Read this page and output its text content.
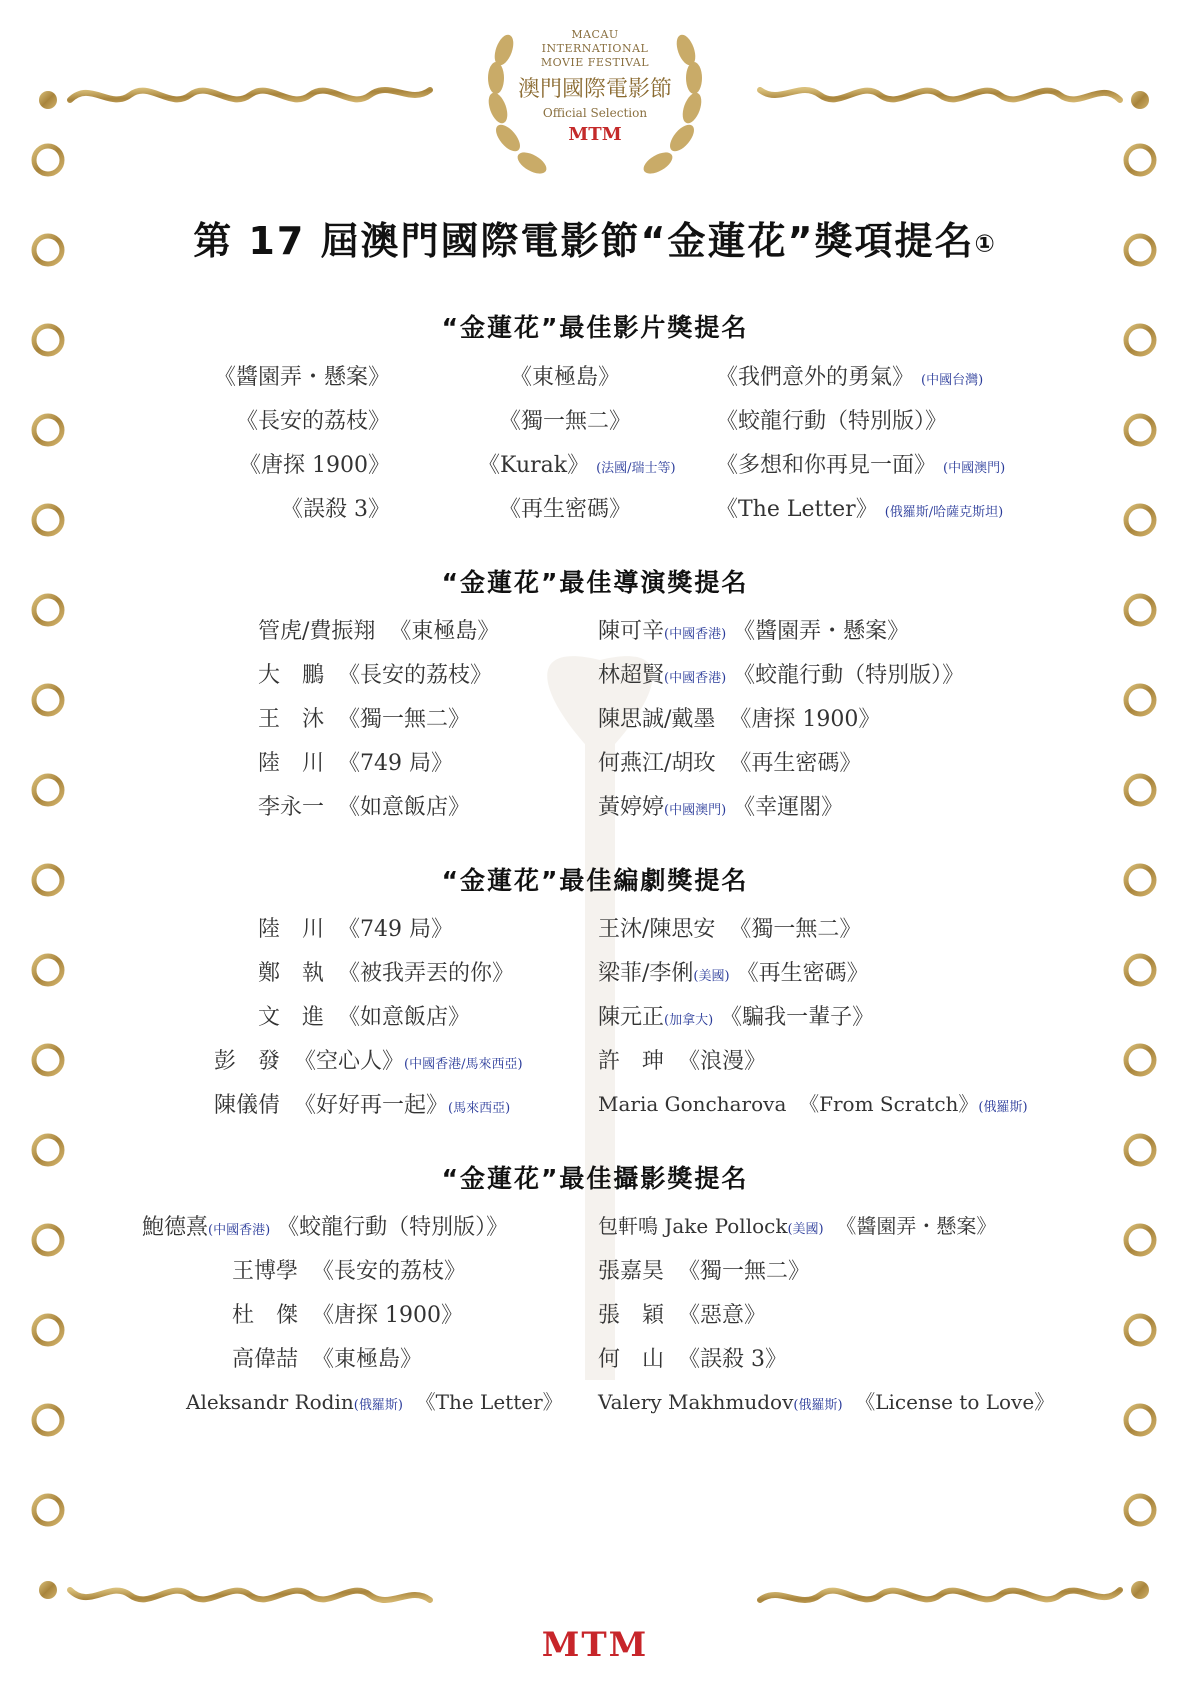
MACAU
INTERNATIONAL
MOVIE FESTIVAL
澳門國際電影節
Official Selection
MTM
第 17 屆澳門國際電影節“金蓮花”獎項提名①
“金蓮花”最佳影片獎提名
《醬園弄・懸案》
《長安的荔枝》
《唐探 1900》
《誤殺 3》
《東極島》
《獨一無二》
《Kurak》 (法國/瑞士等)
《再生密碼》
《我們意外的勇氣》 (中國台灣)
《蛟龍行動（特別版）》
《多想和你再見一面》 (中國澳門)
《The Letter》 (俄羅斯/哈薩克斯坦)
“金蓮花”最佳導演獎提名
管虎/費振翔 《東極島》
大　鵬 《長安的荔枝》
王　沐 《獨一無二》
陸　川 《749 局》
李永一 《如意飯店》
陳可辛(中國香港) 《醬園弄・懸案》
林超賢(中國香港) 《蛟龍行動（特別版）》
陳思誠/戴墨 《唐探 1900》
何燕江/胡玫 《再生密碼》
黃婷婷(中國澳門) 《幸運閣》
“金蓮花”最佳編劇獎提名
陸　川 《749 局》
鄭　執 《被我弄丟的你》
文　進 《如意飯店》
彭　發 《空心人》(中國香港/馬來西亞)
陳儀倩 《好好再一起》(馬來西亞)
王沐/陳思安 《獨一無二》
梁菲/李俐(美國) 《再生密碼》
陳元正(加拿大) 《騙我一輩子》
許　珅 《浪漫》
Maria Goncharova 《From Scratch》(俄羅斯)
“金蓮花”最佳攝影獎提名
鮑德熹(中國香港) 《蛟龍行動（特別版）》
王博學 《長安的荔枝》
杜　傑 《唐探 1900》
高偉喆 《東極島》
Aleksandr Rodin(俄羅斯) 《The Letter》
包軒鳴 Jake Pollock(美國) 《醬園弄・懸案》
張嘉昊 《獨一無二》
張　穎 《惡意》
何　山 《誤殺 3》
Valery Makhmudov(俄羅斯) 《License to Love》
MTM
